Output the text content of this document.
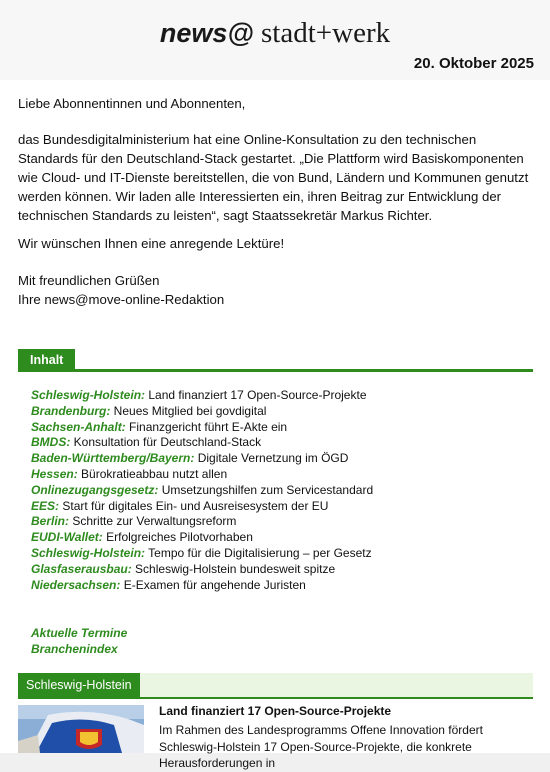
news@ stadt+werk
20. Oktober 2025

Liebe Abonnentinnen und Abonnenten,

das Bundesdigitalministerium hat eine Online-Konsultation zu den technischen Standards für den Deutschland-Stack gestartet. „Die Plattform wird Basiskomponenten wie Cloud- und IT-Dienste bereitstellen, die von Bund, Ländern und Kommunen genutzt werden können. Wir laden alle Interessierten ein, ihren Beitrag zur Entwicklung der technischen Standards zu leisten“, sagt Staatssekretär Markus Richter.

Wir wünschen Ihnen eine anregende Lektüre!

Mit freundlichen Grüßen

Ihre news@move-online-Redaktion

Inhalt
Schleswig-Holstein: Land finanziert 17 Open-Source-Projekte
Brandenburg: Neues Mitglied bei govdigital
Sachsen-Anhalt: Finanzgericht führt E-Akte ein
BMDS: Konsultation für Deutschland-Stack
Baden-Württemberg/Bayern: Digitale Vernetzung im ÖGD
Hessen: Bürokratieabbau nutzt allen
Onlinezugangsgesetz: Umsetzungshilfen zum Servicestandard
EES: Start für digitales Ein- und Ausreisesystem der EU
Berlin: Schritte zur Verwaltungsreform
EUDI-Wallet: Erfolgreiches Pilotvorhaben
Schleswig-Holstein: Tempo für die Digitalisierung – per Gesetz
Glasfaserausbau: Schleswig-Holstein bundesweit spitze
Niedersachsen: E-Examen für angehende Juristen
Aktuelle Termine
Branchenindex
Schleswig-Holstein
Land finanziert 17 Open-Source-Projekte

Im Rahmen des Landesprogramms Offene Innovation fördert Schleswig-Holstein 17 Open-Source-Projekte, die konkrete Herausforderungen in
